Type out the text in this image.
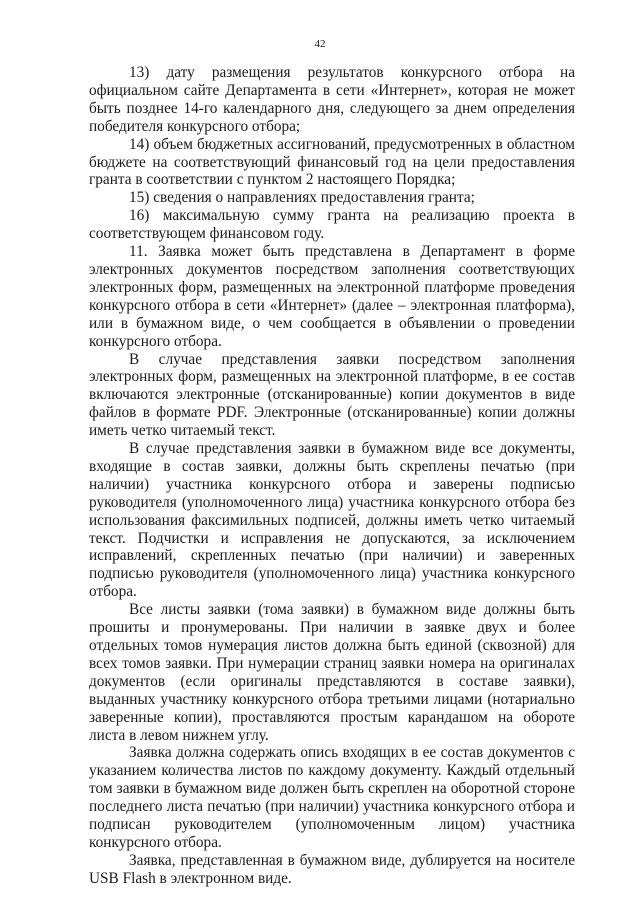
42

13) дату размещения результатов конкурсного отбора на официальном сайте Департамента в сети «Интернет», которая не может быть позднее 14-го календарного дня, следующего за днем определения победителя конкурсного отбора;

14) объем бюджетных ассигнований, предусмотренных в областном бюджете на соответствующий финансовый год на цели предоставления гранта в соответствии с пунктом 2 настоящего Порядка;

15) сведения о направлениях предоставления гранта;

16) максимальную сумму гранта на реализацию проекта в соответствующем финансовом году.

11. Заявка может быть представлена в Департамент в форме электронных документов посредством заполнения соответствующих электронных форм, размещенных на электронной платформе проведения конкурсного отбора в сети «Интернет» (далее – электронная платформа), или в бумажном виде, о чем сообщается в объявлении о проведении конкурсного отбора.

В случае представления заявки посредством заполнения электронных форм, размещенных на электронной платформе, в ее состав включаются электронные (отсканированные) копии документов в виде файлов в формате PDF. Электронные (отсканированные) копии должны иметь четко читаемый текст.

В случае представления заявки в бумажном виде все документы, входящие в состав заявки, должны быть скреплены печатью (при наличии) участника конкурсного отбора и заверены подписью руководителя (уполномоченного лица) участника конкурсного отбора без использования факсимильных подписей, должны иметь четко читаемый текст. Подчистки и исправления не допускаются, за исключением исправлений, скрепленных печатью (при наличии) и заверенных подписью руководителя (уполномоченного лица) участника конкурсного отбора.

Все листы заявки (тома заявки) в бумажном виде должны быть прошиты и пронумерованы. При наличии в заявке двух и более отдельных томов нумерация листов должна быть единой (сквозной) для всех томов заявки. При нумерации страниц заявки номера на оригиналах документов (если оригиналы представляются в составе заявки), выданных участнику конкурсного отбора третьими лицами (нотариально заверенные копии), проставляются простым карандашом на обороте листа в левом нижнем углу.

Заявка должна содержать опись входящих в ее состав документов с указанием количества листов по каждому документу. Каждый отдельный том заявки в бумажном виде должен быть скреплен на оборотной стороне последнего листа печатью (при наличии) участника конкурсного отбора и подписан руководителем (уполномоченным лицом) участника конкурсного отбора.

Заявка, представленная в бумажном виде, дублируется на носителе USB Flash в электронном виде.
